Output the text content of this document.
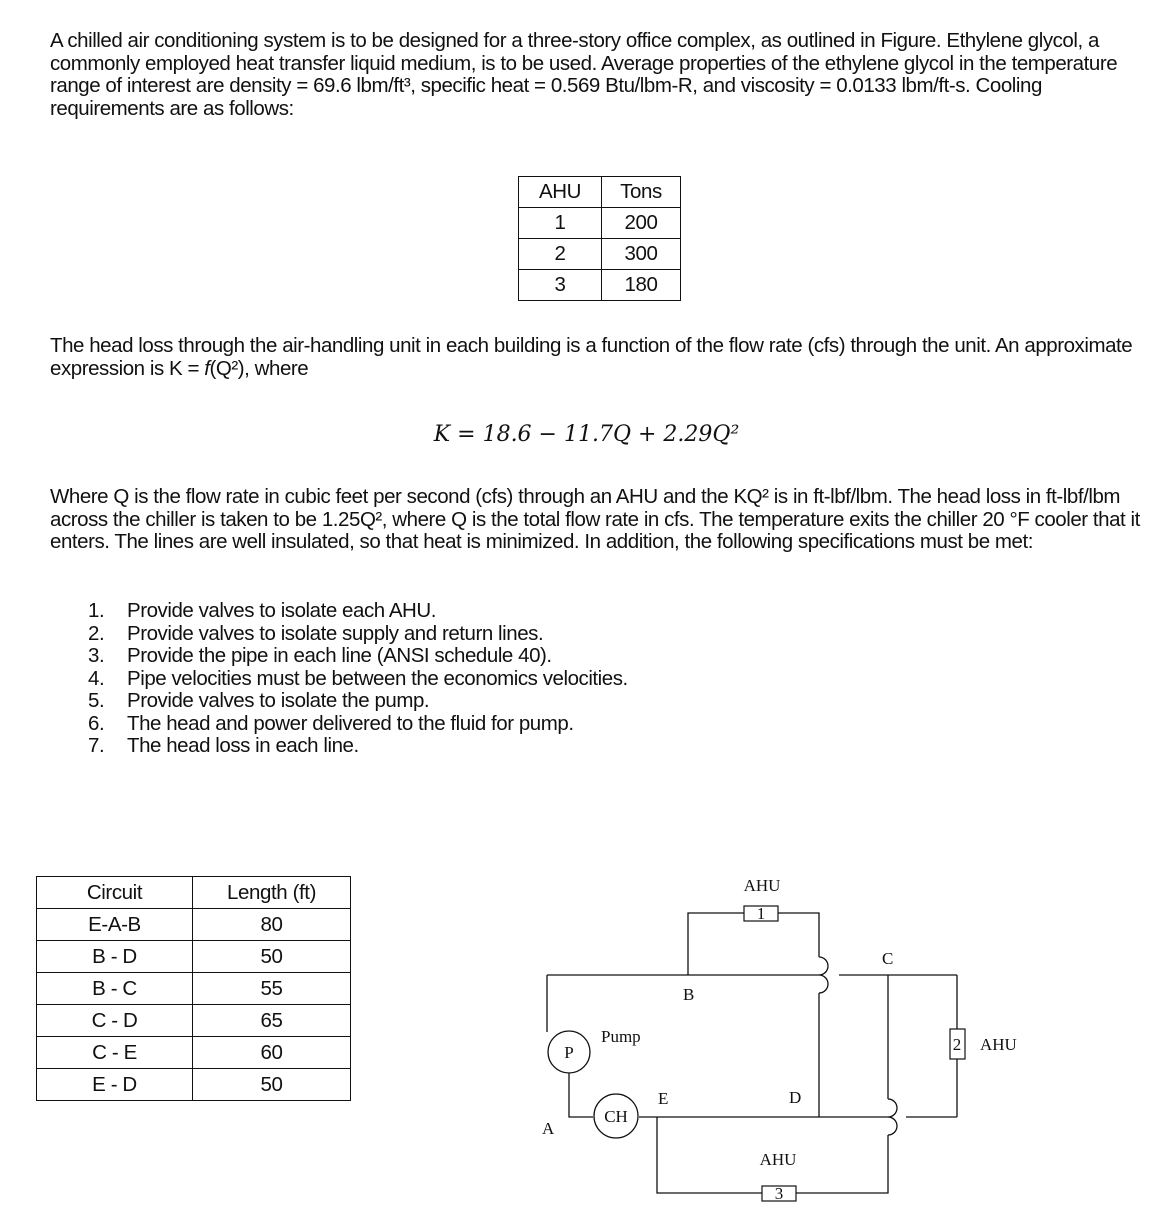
A chilled air conditioning system is to be designed for a three-story office complex, as outlined in Figure. Ethylene glycol, a commonly employed heat transfer liquid medium, is to be used. Average properties of the ethylene glycol in the temperature range of interest are density = 69.6 lbm/ft³, specific heat = 0.569 Btu/lbm-R, and viscosity = 0.0133 lbm/ft-s. Cooling requirements are as follows:

AHU	Tons
1	200
2	300
3	180

The head loss through the air-handling unit in each building is a function of the flow rate (cfs) through the unit. An approximate expression is K = f(Q²), where

K = 18.6 − 11.7Q + 2.29Q²

Where Q is the flow rate in cubic feet per second (cfs) through an AHU and the KQ² is in ft-lbf/lbm. The head loss in ft-lbf/lbm across the chiller is taken to be 1.25Q², where Q is the total flow rate in cfs. The temperature exits the chiller 20 °F cooler that it enters. The lines are well insulated, so that heat is minimized. In addition, the following specifications must be met:

1. Provide valves to isolate each AHU.
2. Provide valves to isolate supply and return lines.
3. Provide the pipe in each line (ANSI schedule 40).
4. Pipe velocities must be between the economics velocities.
5. Provide valves to isolate the pump.
6. The head and power delivered to the fluid for pump.
7. The head loss in each line.
Circuit	Length (ft)
E-A-B	80
B - D	50
B - C	55
C - D	65
C - E	60
E - D	50
1
2
3
P
CH
AHU
AHU
AHU
Pump
A
B
C
D
E
